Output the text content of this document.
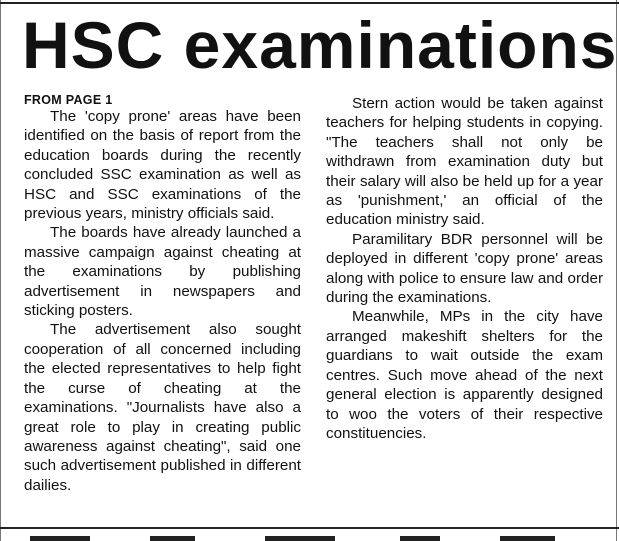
HSC examinations
FROM PAGE 1

The 'copy prone' areas have been identified on the basis of report from the education boards during the recently concluded SSC examination as well as HSC and SSC examinations of the previous years, ministry officials said.

The boards have already launched a massive campaign against cheating at the examinations by publishing advertisement in newspapers and sticking posters.

The advertisement also sought cooperation of all concerned including the elected representatives to help fight the curse of cheating at the examinations. "Journalists have also a great role to play in creating public awareness against cheating", said one such advertisement published in different dailies.

Stern action would be taken against teachers for helping students in copying. "The teachers shall not only be withdrawn from examination duty but their salary will also be held up for a year as 'punishment,' an official of the education ministry said.

Paramilitary BDR personnel will be deployed in different 'copy prone' areas along with police to ensure law and order during the examinations.

Meanwhile, MPs in the city have arranged makeshift shelters for the guardians to wait outside the exam centres. Such move ahead of the next general election is apparently designed to woo the voters of their respective constituencies.
